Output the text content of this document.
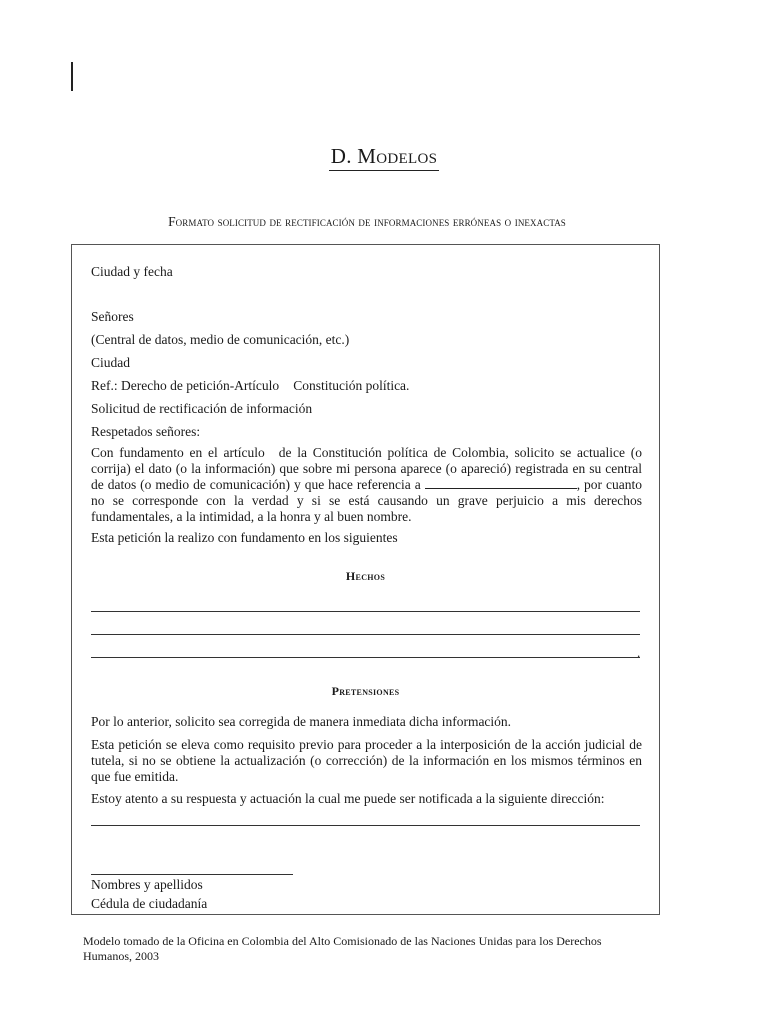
D. Modelos
Formato solicitud de rectificación de informaciones erróneas o inexactas
Ciudad y fecha
Señores
(Central de datos, medio de comunicación, etc.)
Ciudad
Ref.: Derecho de petición-Artículo Constitución política.
Solicitud de rectificación de información
Respetados señores:
Con fundamento en el artículo de la Constitución política de Colombia, solicito se actualice (o corrija) el dato (o la información) que sobre mi persona aparece (o apareció) registrada en su central de datos (o medio de comunicación) y que hace referencia a	, por cuanto no se corresponde con la verdad y si se está causando un grave perjuicio a mis derechos fundamentales, a la intimidad, a la honra y al buen nombre.
Esta petición la realizo con fundamento en los siguientes
Hechos
.
Pretensiones
Por lo anterior, solicito sea corregida de manera inmediata dicha información.
Esta petición se eleva como requisito previo para proceder a la interposición de la acción judicial de tutela, si no se obtiene la actualización (o corrección) de la información en los mismos términos en que fue emitida.
Estoy atento a su respuesta y actuación la cual me puede ser notificada a la siguiente dirección:
Nombres y apellidos
Cédula de ciudadanía
Modelo tomado de la Oficina en Colombia del Alto Comisionado de las Naciones Unidas para los Derechos Humanos, 2003
